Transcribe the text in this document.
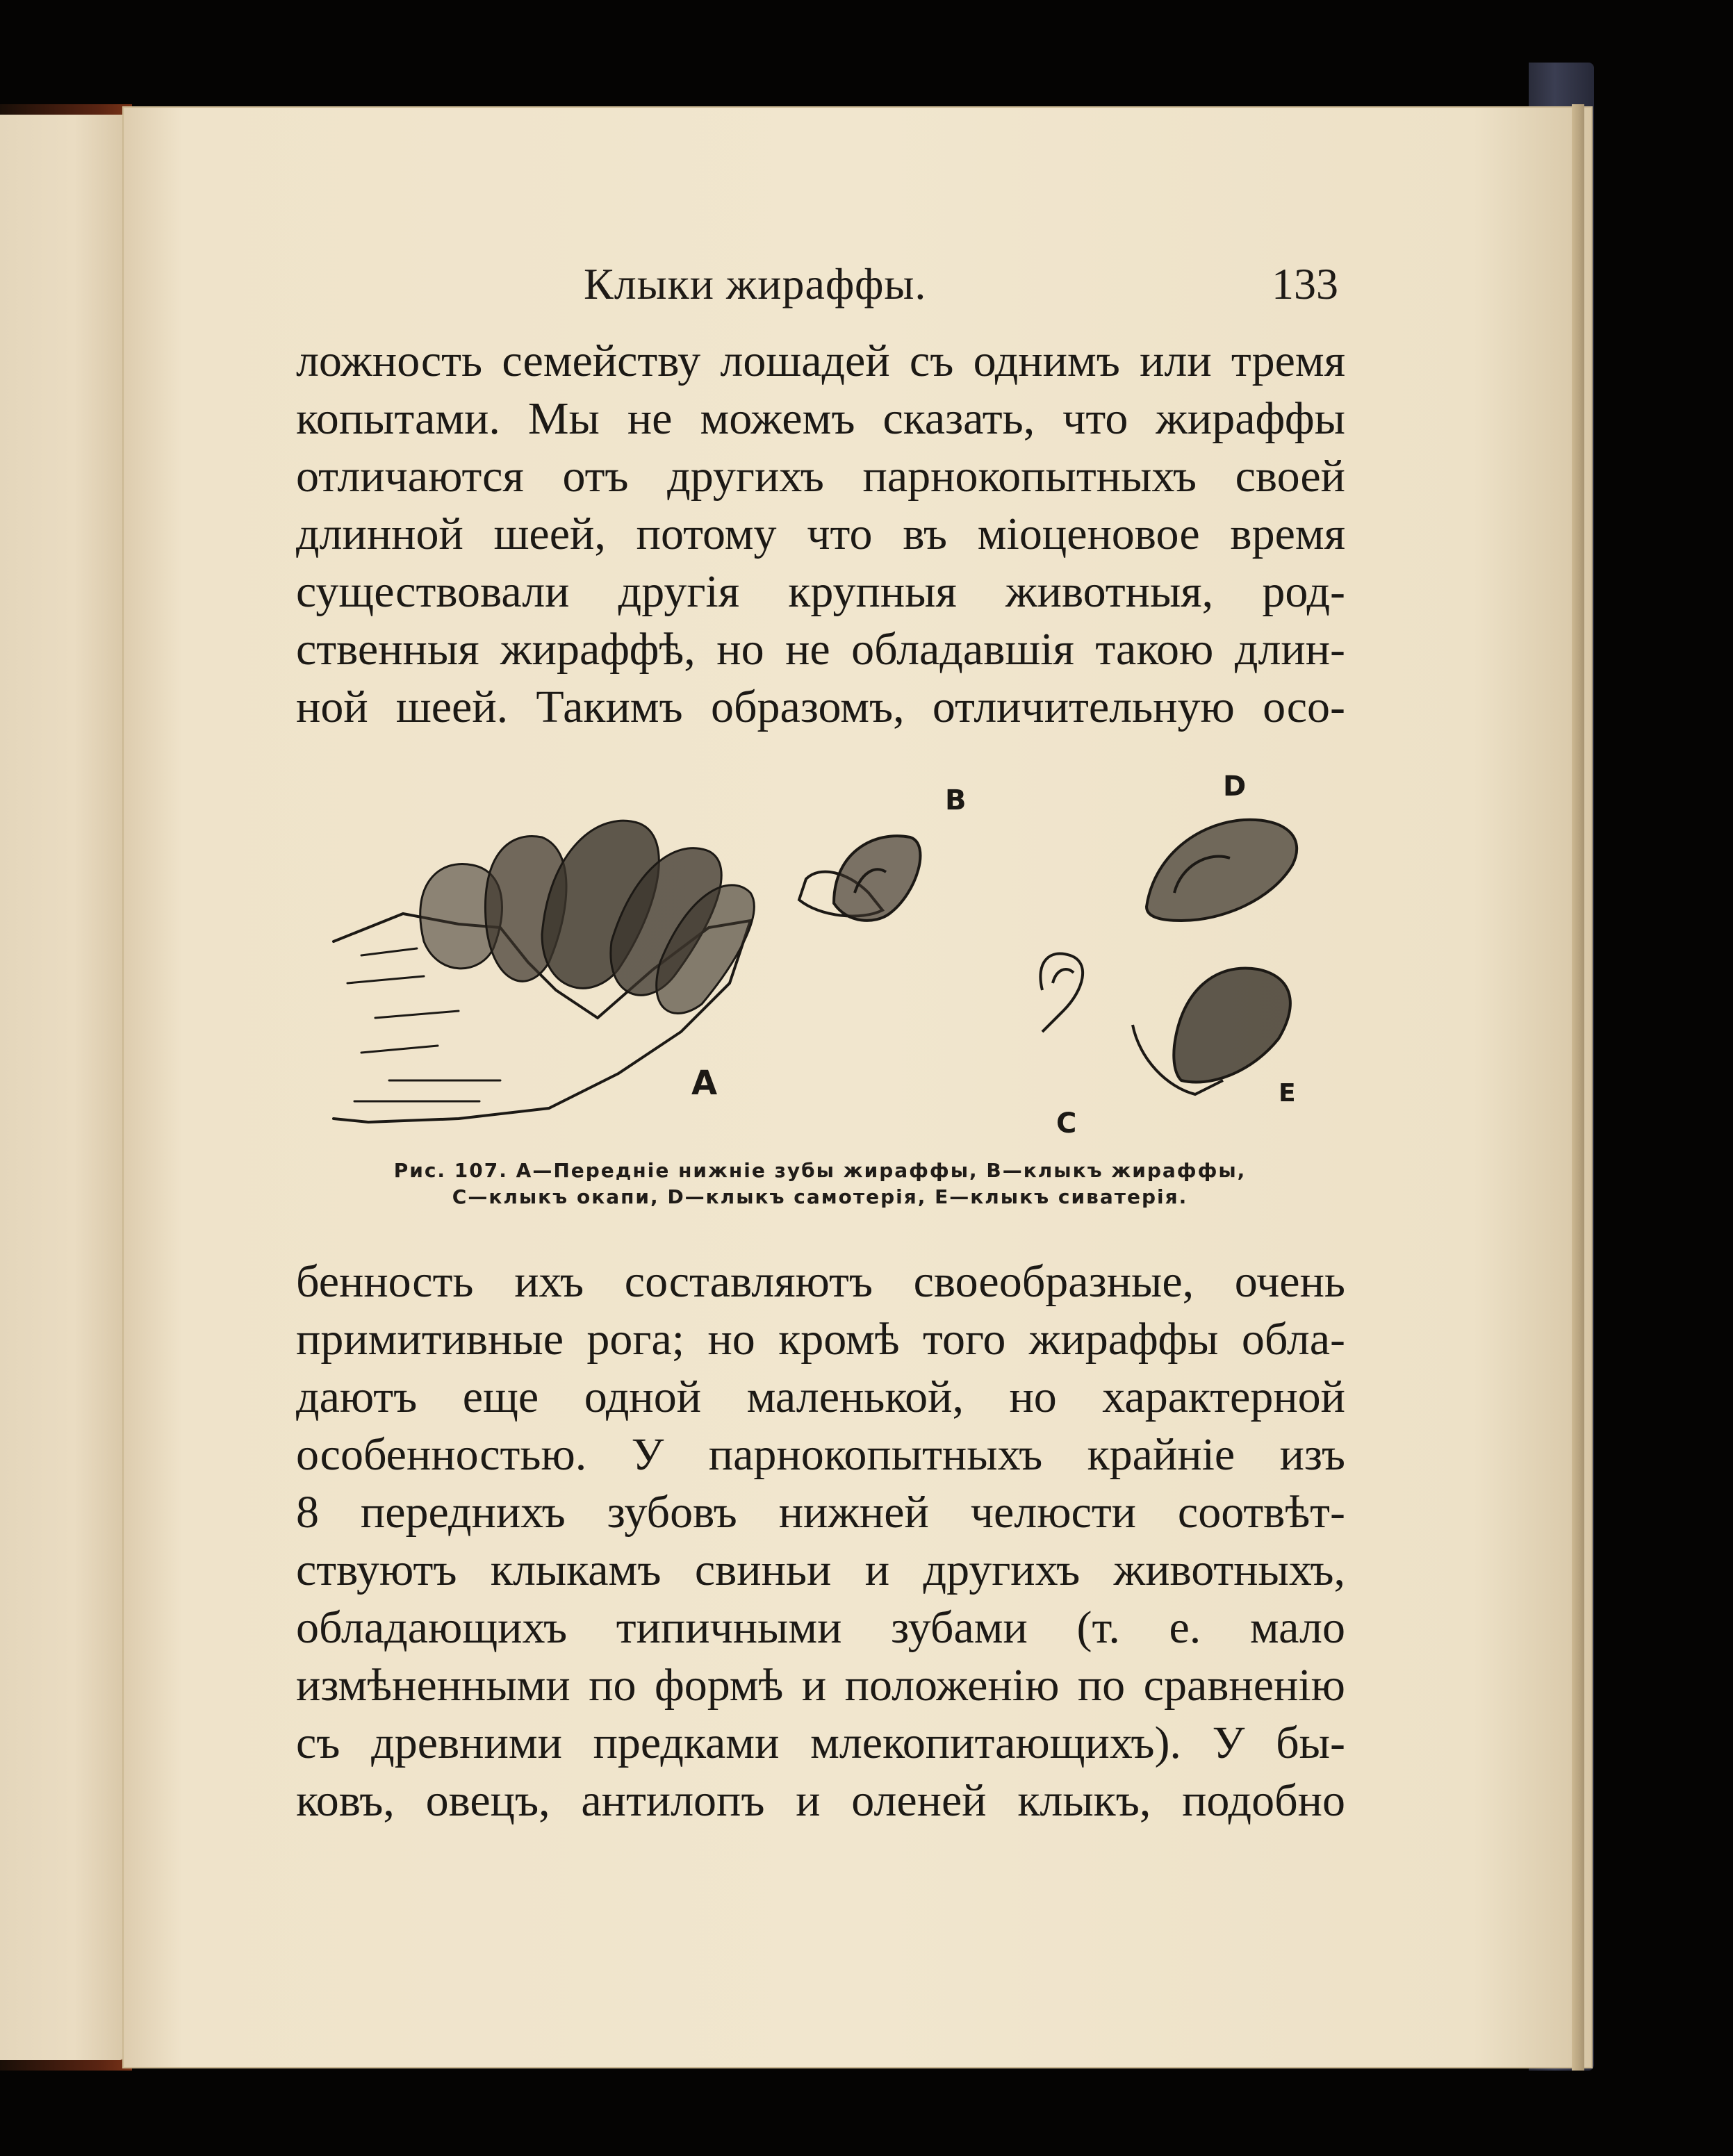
Клыки жираффы.	133
ложность семейству лошадей съ однимъ или тремя
копытами. Мы не можемъ сказать, что жираффы
отличаются отъ другихъ парнокопытныхъ своей
длинной шеей, потому что въ міоценовое время
существовали другія крупныя животныя, род-
ственныя жираффѣ, но не обладавшія такою длин-
ной шеей. Такимъ образомъ, отличительную осо-
A
B
C
D
E
Рис. 107. A—Переднiе нижнiе зубы жираффы, B—клыкъ жираффы,
C—клыкъ окапи, D—клыкъ самотерiя, E—клыкъ сиватерiя.
бенность ихъ составляютъ своеобразные, очень
примитивные рога; но кромѣ того жираффы обла-
даютъ еще одной маленькой, но характерной
особенностью. У парнокопытныхъ крайнiе изъ
8 переднихъ зубовъ нижней челюсти соотвѣт-
ствуютъ клыкамъ свиньи и другихъ животныхъ,
обладающихъ типичными зубами (т. е. мало
измѣненными по формѣ и положенiю по сравненiю
съ древними предками млекопитающихъ). У бы-
ковъ, овецъ, антилопъ и оленей клыкъ, подобно
